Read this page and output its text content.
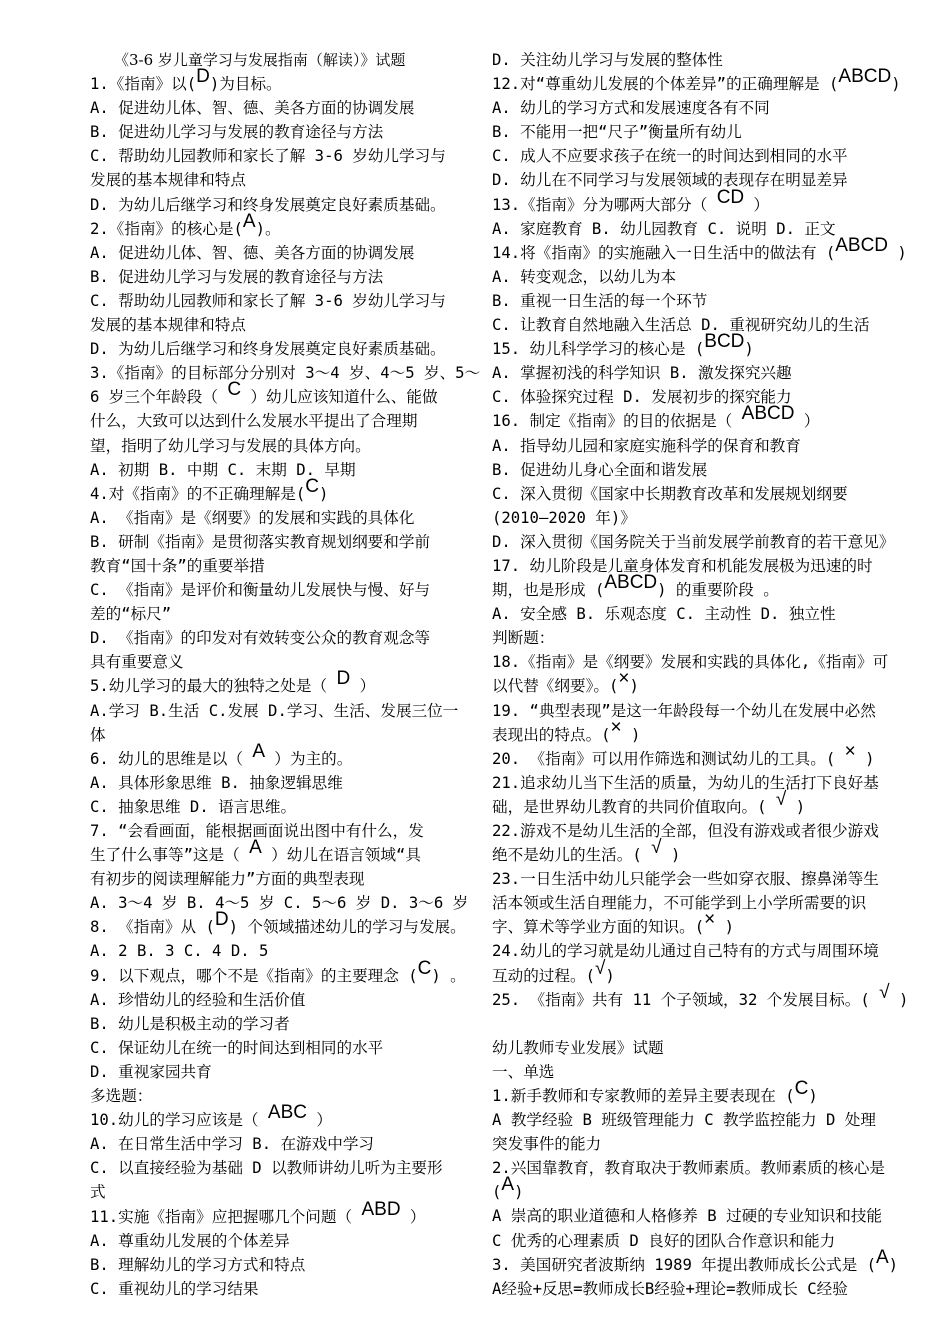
《3-6 岁儿童学习与发展指南（解读）》试题
1.《指南》以(D)为目标。
A. 促进幼儿体、智、德、美各方面的协调发展
B. 促进幼儿学习与发展的教育途径与方法
C. 帮助幼儿园教师和家长了解 3-6 岁幼儿学习与
发展的基本规律和特点
D. 为幼儿后继学习和终身发展奠定良好素质基础。
2.《指南》的核心是(A)。
A. 促进幼儿体、智、德、美各方面的协调发展
B. 促进幼儿学习与发展的教育途径与方法
C. 帮助幼儿园教师和家长了解 3-6 岁幼儿学习与
发展的基本规律和特点
D. 为幼儿后继学习和终身发展奠定良好素质基础。
3.《指南》的目标部分分别对 3～4 岁、4～5 岁、5～
6 岁三个年龄段（ C ）幼儿应该知道什么、能做
什么，大致可以达到什么发展水平提出了合理期
望，指明了幼儿学习与发展的具体方向。
A. 初期 B. 中期 C. 末期 D. 早期
4.对《指南》的不正确理解是(C)
A. 《指南》是《纲要》的发展和实践的具体化
B. 研制《指南》是贯彻落实教育规划纲要和学前
教育“国十条”的重要举措
C. 《指南》是评价和衡量幼儿发展快与慢、好与
差的“标尺”
D. 《指南》的印发对有效转变公众的教育观念等
具有重要意义
5.幼儿学习的最大的独特之处是（ D ）
A.学习 B.生活 C.发展 D.学习、生活、发展三位一
体
6. 幼儿的思维是以（ A ）为主的。
A. 具体形象思维 B. 抽象逻辑思维
C. 抽象思维 D. 语言思维。
7. “会看画面，能根据画面说出图中有什么，发
生了什么事等”这是（ A ）幼儿在语言领域“具
有初步的阅读理解能力”方面的典型表现
A. 3～4 岁 B. 4～5 岁 C. 5～6 岁 D. 3～6 岁
8. 《指南》从 (D) 个领域描述幼儿的学习与发展。
A. 2 B. 3 C. 4 D. 5
9. 以下观点，哪个不是《指南》的主要理念 (C) 。
A. 珍惜幼儿的经验和生活价值
B. 幼儿是积极主动的学习者
C. 保证幼儿在统一的时间达到相同的水平
D. 重视家园共育
多选题：
10.幼儿的学习应该是（ ABC ）
A. 在日常生活中学习 B. 在游戏中学习
C. 以直接经验为基础 D 以教师讲幼儿听为主要形
式
11.实施《指南》应把握哪几个问题（ ABD ）
A. 尊重幼儿发展的个体差异
B. 理解幼儿的学习方式和特点
C. 重视幼儿的学习结果
D. 关注幼儿学习与发展的整体性
12.对“尊重幼儿发展的个体差异”的正确理解是 (ABCD)
A. 幼儿的学习方式和发展速度各有不同
B. 不能用一把“尺子”衡量所有幼儿
C. 成人不应要求孩子在统一的时间达到相同的水平
D. 幼儿在不同学习与发展领域的表现存在明显差异
13.《指南》分为哪两大部分（ CD ）
A. 家庭教育 B. 幼儿园教育 C. 说明 D. 正文
14.将《指南》的实施融入一日生活中的做法有 (ABCD )
A. 转变观念，以幼儿为本
B. 重视一日生活的每一个环节
C. 让教育自然地融入生活总 D. 重视研究幼儿的生活
15. 幼儿科学学习的核心是 (BCD)
A. 掌握初浅的科学知识 B. 激发探究兴趣
C. 体验探究过程 D. 发展初步的探究能力
16. 制定《指南》的目的依据是（ ABCD ）
A. 指导幼儿园和家庭实施科学的保育和教育
B. 促进幼儿身心全面和谐发展
C. 深入贯彻《国家中长期教育改革和发展规划纲要
(2010—2020 年)》
D. 深入贯彻《国务院关于当前发展学前教育的若干意见》
17. 幼儿阶段是儿童身体发育和机能发展极为迅速的时
期，也是形成 (ABCD) 的重要阶段 。
A. 安全感 B. 乐观态度 C. 主动性 D. 独立性
判断题：
18.《指南》是《纲要》发展和实践的具体化,《指南》可
以代替《纲要》。(×)
19. “典型表现”是这一年龄段每一个幼儿在发展中必然
表现出的特点。(× )
20. 《指南》可以用作筛选和测试幼儿的工具。( × )
21.追求幼儿当下生活的质量，为幼儿的生活打下良好基
础，是世界幼儿教育的共同价值取向。( √ )
22.游戏不是幼儿生活的全部，但没有游戏或者很少游戏
绝不是幼儿的生活。( √ )
23.一日生活中幼儿只能学会一些如穿衣服、擦鼻涕等生
活本领或生活自理能力，不可能学到上小学所需要的识
字、算术等学业方面的知识。(× )
24.幼儿的学习就是幼儿通过自己特有的方式与周围环境
互动的过程。(√)
25. 《指南》共有 11 个子领域，32 个发展目标。( √ )
幼儿教师专业发展》试题
一、单选
1.新手教师和专家教师的差异主要表现在 (C)
A 教学经验 B 班级管理能力 C 教学监控能力 D 处理
突发事件的能力
2.兴国靠教育，教育取决于教师素质。教师素质的核心是
(A)
A 崇高的职业道德和人格修养 B 过硬的专业知识和技能
C 优秀的心理素质 D 良好的团队合作意识和能力
3. 美国研究者波斯纳 1989 年提出教师成长公式是 (A)
A经验+反思=教师成长B经验+理论=教师成长 C经验
